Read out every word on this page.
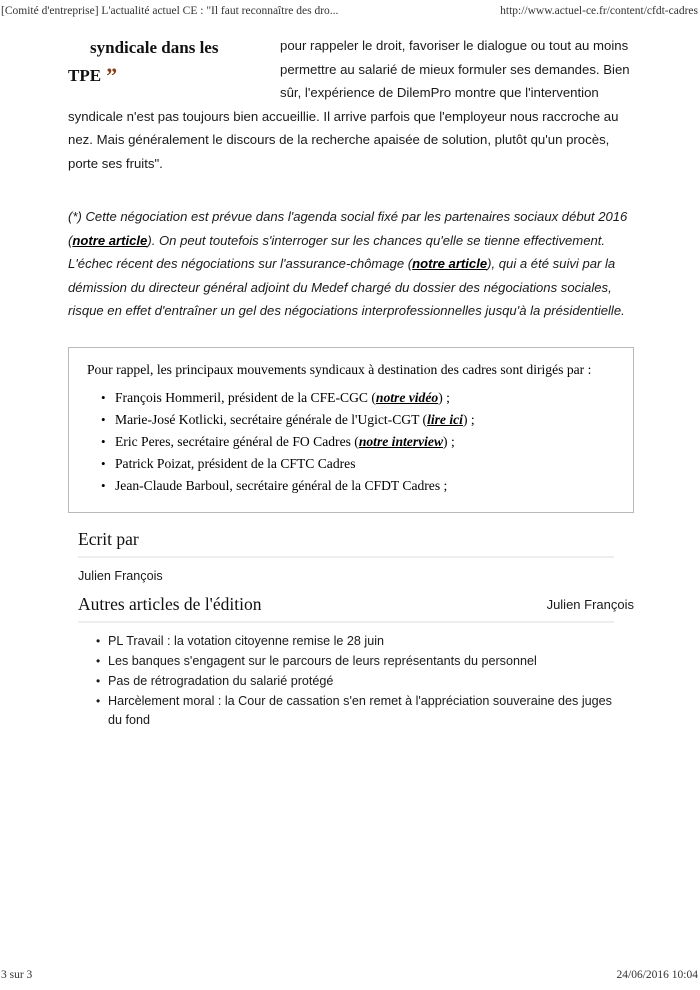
[Comité d'entreprise] L'actualité actuel CE : "Il faut reconnaître des dro...	http://www.actuel-ce.fr/content/cfdt-cadres
syndicale dans les TPE ”

pour rappeler le droit, favoriser le dialogue ou tout au moins permettre au salarié de mieux formuler ses demandes. Bien sûr, l'expérience de DilemPro montre que l'intervention syndicale n'est pas toujours bien accueillie. Il arrive parfois que l'employeur nous raccroche au nez. Mais généralement le discours de la recherche apaisée de solution, plutôt qu'un procès, porte ses fruits".

(*) Cette négociation est prévue dans l'agenda social fixé par les partenaires sociaux début 2016 (notre article). On peut toutefois s'interroger sur les chances qu'elle se tienne effectivement. L'échec récent des négociations sur l'assurance-chômage (notre article), qui a été suivi par la démission du directeur général adjoint du Medef chargé du dossier des négociations sociales, risque en effet d'entraîner un gel des négociations interprofessionnelles jusqu'à la présidentielle.

Pour rappel, les principaux mouvements syndicaux à destination des cadres sont dirigés par :

• François Hommeril, président de la CFE-CGC (notre vidéo) ;
• Marie-José Kotlicki, secrétaire générale de l'Ugict-CGT (lire ici) ;
• Eric Peres, secrétaire général de FO Cadres (notre interview) ;
• Patrick Poizat, président de la CFTC Cadres
• Jean-Claude Barboul, secrétaire général de la CFDT Cadres ;

Julien François

Ecrit par

Julien François

Autres articles de l'édition
• PL Travail : la votation citoyenne remise le 28 juin
• Les banques s'engagent sur le parcours de leurs représentants du personnel
• Pas de rétrogradation du salarié protégé
• Harcèlement moral : la Cour de cassation s'en remet à l'appréciation souveraine des juges du fond
3 sur 3	24/06/2016 10:04
